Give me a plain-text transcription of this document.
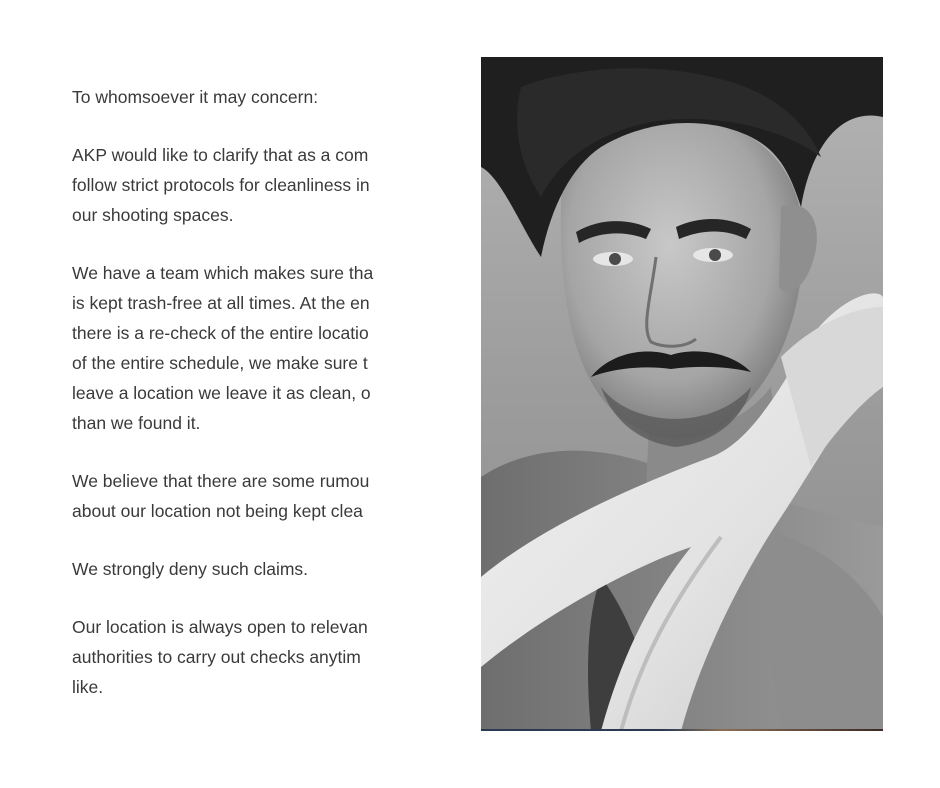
To whomsoever it may concern:

AKP would like to clarify that as a com
follow strict protocols for cleanliness in
our shooting spaces.

We have a team which makes sure tha
is kept trash-free at all times. At the en
there is a re-check of the entire locatio
of the entire schedule, we make sure t
leave a location we leave it as clean, o
than we found it.

We believe that there are some rumou
about our location not being kept clea

We strongly deny such claims.

Our location is always open to relevan
authorities to carry out checks anytim
like.
